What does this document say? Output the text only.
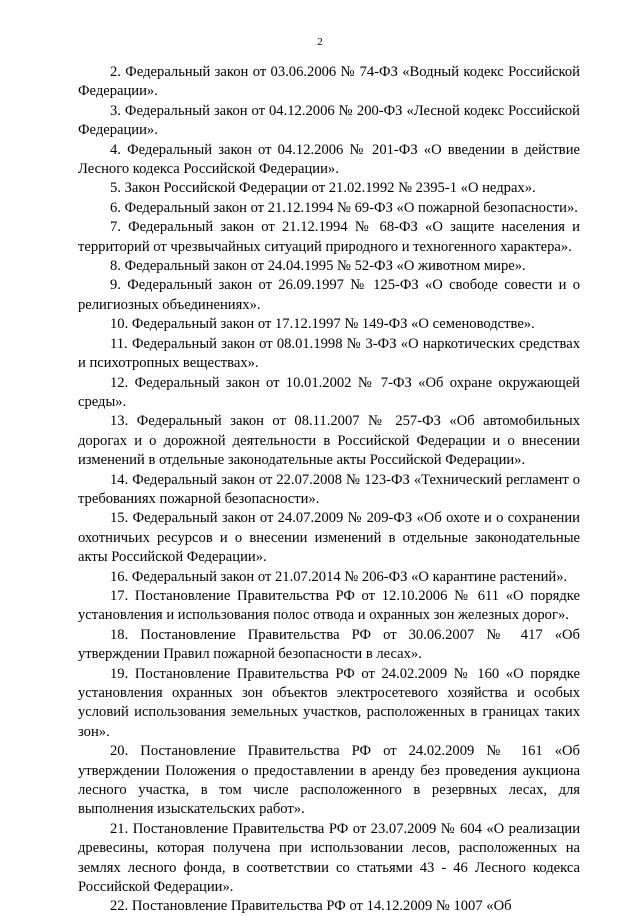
2

2. Федеральный закон от 03.06.2006 № 74-ФЗ «Водный кодекс Российской Федерации».

3. Федеральный закон от 04.12.2006 № 200-ФЗ «Лесной кодекс Российской Федерации».

4. Федеральный закон от 04.12.2006 № 201-ФЗ «О введении в действие Лесного кодекса Российской Федерации».

5. Закон Российской Федерации от 21.02.1992 № 2395-1 «О недрах».

6. Федеральный закон от 21.12.1994 № 69-ФЗ «О пожарной безопасности».

7. Федеральный закон от 21.12.1994 № 68-ФЗ «О защите населения и территорий от чрезвычайных ситуаций природного и техногенного характера».

8. Федеральный закон от 24.04.1995 № 52-ФЗ «О животном мире».

9. Федеральный закон от 26.09.1997 № 125-ФЗ «О свободе совести и о религиозных объединениях».

10. Федеральный закон от 17.12.1997 № 149-ФЗ «О семеноводстве».

11. Федеральный закон от 08.01.1998 № 3-ФЗ «О наркотических средствах и психотропных веществах».

12. Федеральный закон от 10.01.2002 № 7-ФЗ «Об охране окружающей среды».

13. Федеральный закон от 08.11.2007 № 257-ФЗ «Об автомобильных дорогах и о дорожной деятельности в Российской Федерации и о внесении изменений в отдельные законодательные акты Российской Федерации».

14. Федеральный закон от 22.07.2008 № 123-ФЗ «Технический регламент о требованиях пожарной безопасности».

15. Федеральный закон от 24.07.2009 № 209-ФЗ «Об охоте и о сохранении охотничьих ресурсов и о внесении изменений в отдельные законодательные акты Российской Федерации».

16. Федеральный закон от 21.07.2014 № 206-ФЗ «О карантине растений».

17. Постановление Правительства РФ от 12.10.2006 № 611 «О порядке установления и использования полос отвода и охранных зон железных дорог».

18. Постановление Правительства РФ от 30.06.2007 № 417 «Об утверждении Правил пожарной безопасности в лесах».

19. Постановление Правительства РФ от 24.02.2009 № 160 «О порядке установления охранных зон объектов электросетевого хозяйства и особых условий использования земельных участков, расположенных в границах таких зон».

20. Постановление Правительства РФ от 24.02.2009 № 161 «Об утверждении Положения о предоставлении в аренду без проведения аукциона лесного участка, в том числе расположенного в резервных лесах, для выполнения изыскательских работ».

21. Постановление Правительства РФ от 23.07.2009 № 604 «О реализации древесины, которая получена при использовании лесов, расположенных на землях лесного фонда, в соответствии со статьями 43 - 46 Лесного кодекса Российской Федерации».

22. Постановление Правительства РФ от 14.12.2009 № 1007 «Об
